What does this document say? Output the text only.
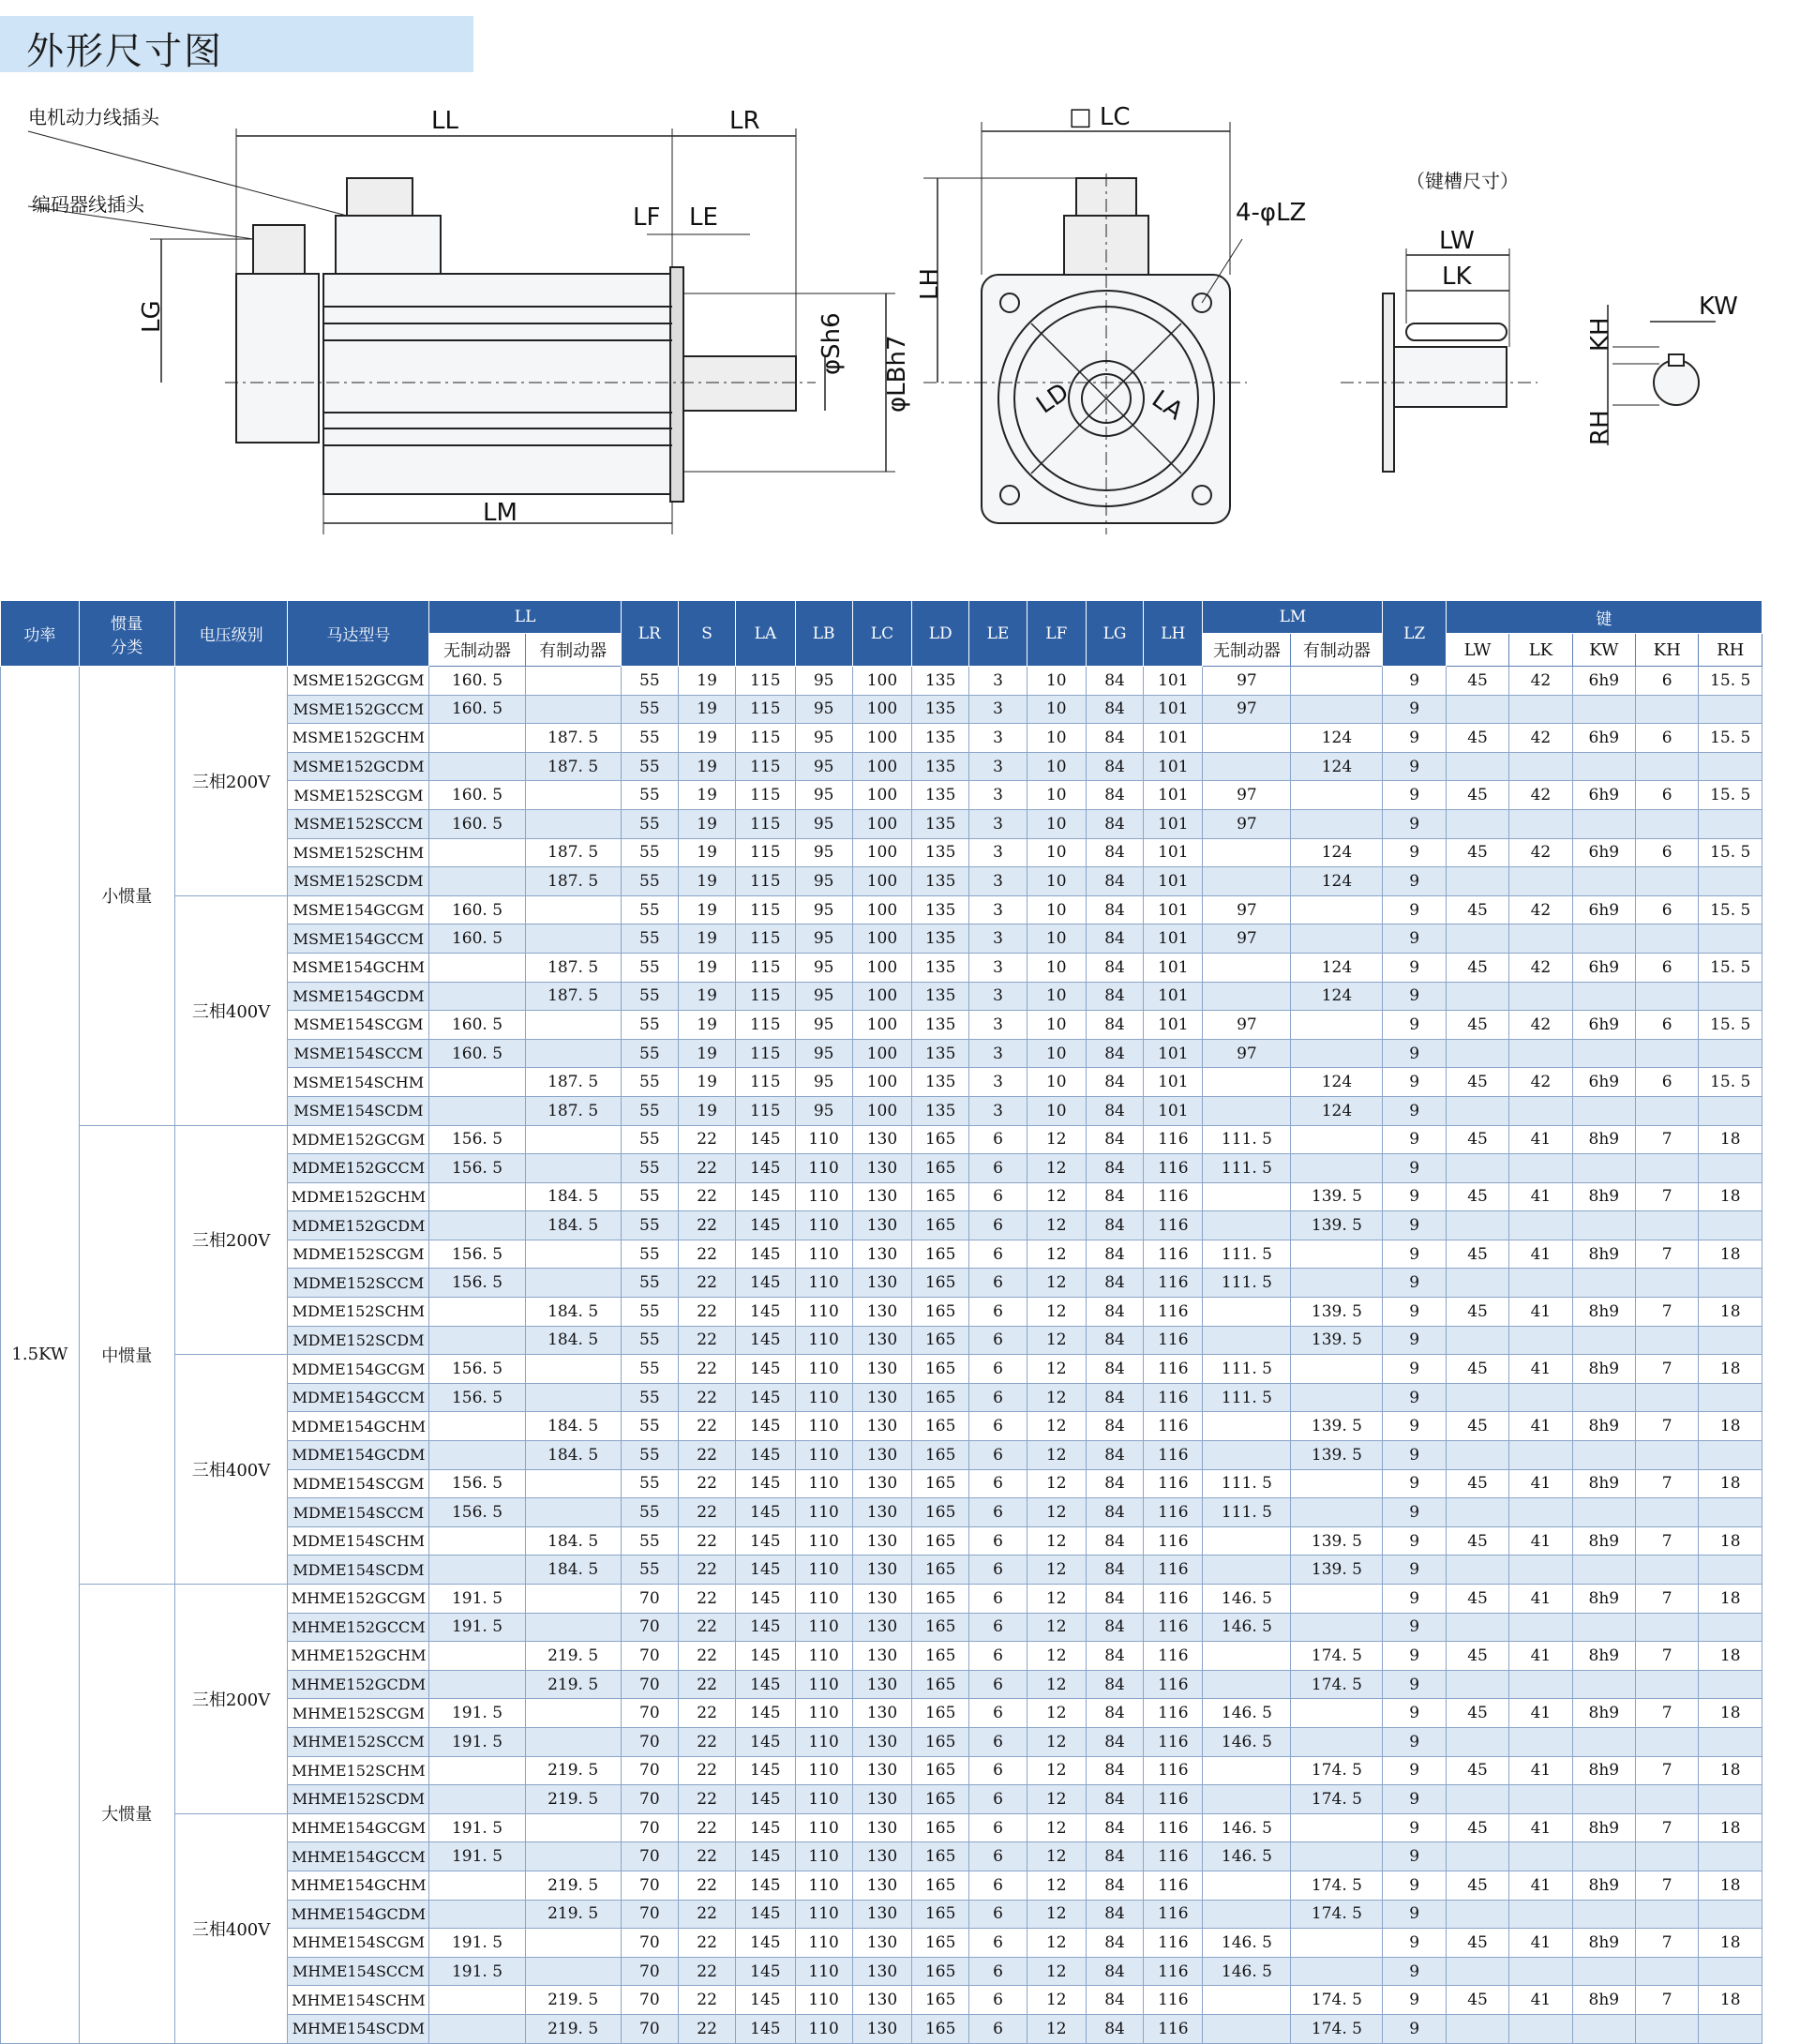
外形尺寸图
电机动力线插头
编码器线插头
LL	LR
LF LE
LG
LM
φSh6 φLBh7
□ LC
4-φLZ
LH
LD	LA
（键槽尺寸）
LW
LK
KW
KH
RH
功率	惯量
分类	电压级别	马达型号	LL		LR	S	LA	LB	LC	LD	LE	LF	LG	LH	LM		LZ	键				
				无制动器	有制动器											无制动器	有制动器		LW	LK	KW	KH	RH
1.5KW	小惯量	三相200V	MSME152GCGM	160. 5		55	19	115	95	100	135	3	10	84	101	97		9	45	42	6h9	6	15. 5
			MSME152GCCM	160. 5		55	19	115	95	100	135	3	10	84	101	97		9					
			MSME152GCHM		187. 5	55	19	115	95	100	135	3	10	84	101		124	9	45	42	6h9	6	15. 5
			MSME152GCDM		187. 5	55	19	115	95	100	135	3	10	84	101		124	9					
			MSME152SCGM	160. 5		55	19	115	95	100	135	3	10	84	101	97		9	45	42	6h9	6	15. 5
			MSME152SCCM	160. 5		55	19	115	95	100	135	3	10	84	101	97		9					
			MSME152SCHM		187. 5	55	19	115	95	100	135	3	10	84	101		124	9	45	42	6h9	6	15. 5
			MSME152SCDM		187. 5	55	19	115	95	100	135	3	10	84	101		124	9					
		三相400V	MSME154GCGM	160. 5		55	19	115	95	100	135	3	10	84	101	97		9	45	42	6h9	6	15. 5
			MSME154GCCM	160. 5		55	19	115	95	100	135	3	10	84	101	97		9					
			MSME154GCHM		187. 5	55	19	115	95	100	135	3	10	84	101		124	9	45	42	6h9	6	15. 5
			MSME154GCDM		187. 5	55	19	115	95	100	135	3	10	84	101		124	9					
			MSME154SCGM	160. 5		55	19	115	95	100	135	3	10	84	101	97		9	45	42	6h9	6	15. 5
			MSME154SCCM	160. 5		55	19	115	95	100	135	3	10	84	101	97		9					
			MSME154SCHM		187. 5	55	19	115	95	100	135	3	10	84	101		124	9	45	42	6h9	6	15. 5
			MSME154SCDM		187. 5	55	19	115	95	100	135	3	10	84	101		124	9					
	中惯量	三相200V	MDME152GCGM	156. 5		55	22	145	110	130	165	6	12	84	116	111. 5		9	45	41	8h9	7	18
			MDME152GCCM	156. 5		55	22	145	110	130	165	6	12	84	116	111. 5		9					
			MDME152GCHM		184. 5	55	22	145	110	130	165	6	12	84	116		139. 5	9	45	41	8h9	7	18
			MDME152GCDM		184. 5	55	22	145	110	130	165	6	12	84	116		139. 5	9					
			MDME152SCGM	156. 5		55	22	145	110	130	165	6	12	84	116	111. 5		9	45	41	8h9	7	18
			MDME152SCCM	156. 5		55	22	145	110	130	165	6	12	84	116	111. 5		9					
			MDME152SCHM		184. 5	55	22	145	110	130	165	6	12	84	116		139. 5	9	45	41	8h9	7	18
			MDME152SCDM		184. 5	55	22	145	110	130	165	6	12	84	116		139. 5	9					
		三相400V	MDME154GCGM	156. 5		55	22	145	110	130	165	6	12	84	116	111. 5		9	45	41	8h9	7	18
			MDME154GCCM	156. 5		55	22	145	110	130	165	6	12	84	116	111. 5		9					
			MDME154GCHM		184. 5	55	22	145	110	130	165	6	12	84	116		139. 5	9	45	41	8h9	7	18
			MDME154GCDM		184. 5	55	22	145	110	130	165	6	12	84	116		139. 5	9					
			MDME154SCGM	156. 5		55	22	145	110	130	165	6	12	84	116	111. 5		9	45	41	8h9	7	18
			MDME154SCCM	156. 5		55	22	145	110	130	165	6	12	84	116	111. 5		9					
			MDME154SCHM		184. 5	55	22	145	110	130	165	6	12	84	116		139. 5	9	45	41	8h9	7	18
			MDME154SCDM		184. 5	55	22	145	110	130	165	6	12	84	116		139. 5	9					
	大惯量	三相200V	MHME152GCGM	191. 5		70	22	145	110	130	165	6	12	84	116	146. 5		9	45	41	8h9	7	18
			MHME152GCCM	191. 5		70	22	145	110	130	165	6	12	84	116	146. 5		9					
			MHME152GCHM		219. 5	70	22	145	110	130	165	6	12	84	116		174. 5	9	45	41	8h9	7	18
			MHME152GCDM		219. 5	70	22	145	110	130	165	6	12	84	116		174. 5	9					
			MHME152SCGM	191. 5		70	22	145	110	130	165	6	12	84	116	146. 5		9	45	41	8h9	7	18
			MHME152SCCM	191. 5		70	22	145	110	130	165	6	12	84	116	146. 5		9					
			MHME152SCHM		219. 5	70	22	145	110	130	165	6	12	84	116		174. 5	9	45	41	8h9	7	18
			MHME152SCDM		219. 5	70	22	145	110	130	165	6	12	84	116		174. 5	9					
		三相400V	MHME154GCGM	191. 5		70	22	145	110	130	165	6	12	84	116	146. 5		9	45	41	8h9	7	18
			MHME154GCCM	191. 5		70	22	145	110	130	165	6	12	84	116	146. 5		9					
			MHME154GCHM		219. 5	70	22	145	110	130	165	6	12	84	116		174. 5	9	45	41	8h9	7	18
			MHME154GCDM		219. 5	70	22	145	110	130	165	6	12	84	116		174. 5	9					
			MHME154SCGM	191. 5		70	22	145	110	130	165	6	12	84	116	146. 5		9	45	41	8h9	7	18
			MHME154SCCM	191. 5		70	22	145	110	130	165	6	12	84	116	146. 5		9					
			MHME154SCHM		219. 5	70	22	145	110	130	165	6	12	84	116		174. 5	9	45	41	8h9	7	18
			MHME154SCDM		219. 5	70	22	145	110	130	165	6	12	84	116		174. 5	9					
